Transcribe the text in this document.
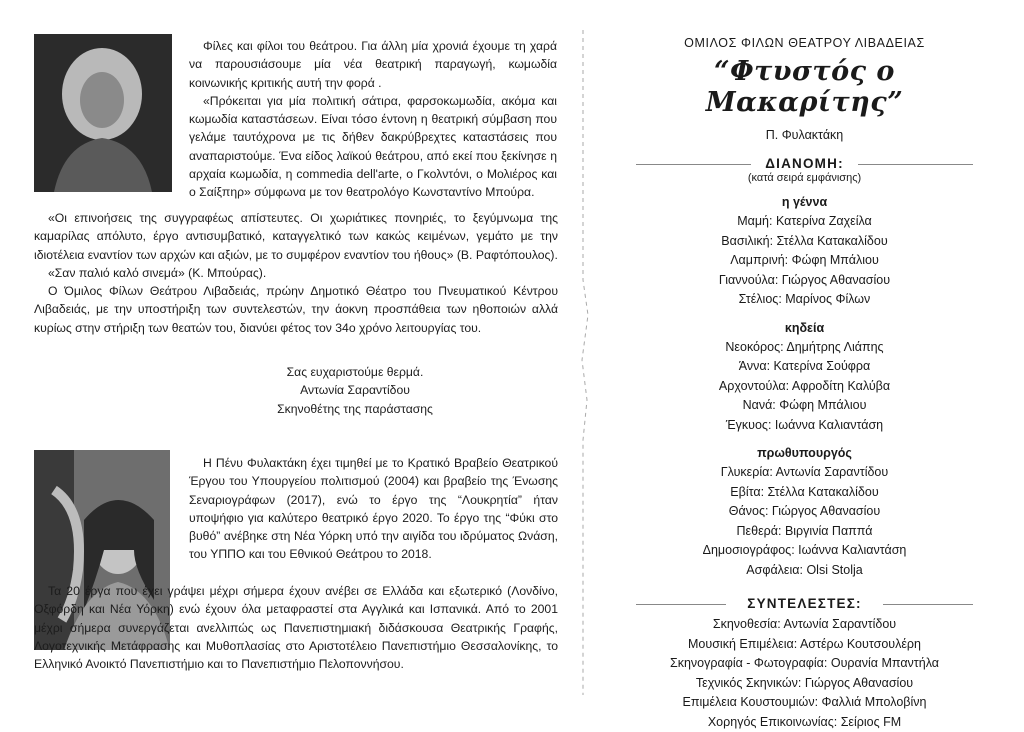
Φίλες και φίλοι του θεάτρου. Για άλλη μία χρονιά έχουμε τη χαρά να παρουσιάσουμε μία νέα θεατρική παραγωγή, κωμωδία κοινωνικής κριτικής αυτή την φορά .

«Πρόκειται για μία πολιτική σάτιρα, φαρσοκωμωδία, ακόμα και κωμωδία καταστάσεων. Είναι τόσο έντονη η θεατρική σύμβαση που γελάμε ταυτόχρονα με τις δήθεν δακρύβρεχτες καταστάσεις που αναπαριστούμε. Ένα είδος λαϊκού θεάτρου, από εκεί που ξεκίνησε η αρχαία κωμωδία, η commedia dell'arte, ο Γκολντόνι, ο Μολιέρος και ο Σαίξπηρ» σύμφωνα με τον θεατρολόγο Κωνσταντίνο Μπούρα.

«Οι επινοήσεις της συγγραφέως απίστευτες. Οι χωριάτικες πονηριές, το ξεγύμνωμα της καμαρίλας απόλυτο, έργο αντισυμβατικό, καταγγελτικό των κακώς κειμένων, γεμάτο με την ιδιοτέλεια εναντίον των αρχών και αξιών, με το συμφέρον εναντίον του ήθους» (Β. Ραφτόπουλος).

«Σαν παλιό καλό σινεμά» (Κ. Μπούρας).

Ο Όμιλος Φίλων Θεάτρου Λιβαδειάς, πρώην Δημοτικό Θέατρο του Πνευματικού Κέντρου Λιβαδειάς, με την υποστήριξη των συντελεστών, την άοκνη προσπάθεια των ηθοποιών αλλά κυρίως στην στήριξη των θεατών του, διανύει φέτος τον 34ο χρόνο λειτουργίας του.

Σας ευχαριστούμε θερμά.

Αντωνία Σαραντίδου

Σκηνοθέτης της παράστασης

Η Πένυ Φυλακτάκη έχει τιμηθεί με το Κρατικό Βραβείο Θεατρικού Έργου του Υπουργείου πολιτισμού (2004) και βραβείο της Ένωσης Σεναριογράφων (2017), ενώ το έργο της “Λουκρητία” ήταν υποψήφιο για καλύτερο θεατρικό έργο 2020. Το έργο της “Φύκι στο βυθό” ανέβηκε στη Νέα Υόρκη υπό την αιγίδα του ιδρύματος Ωνάση, του ΥΠΠΟ και του Εθνικού Θεάτρου το 2018.

Τα 20 έργα που έχει γράψει μέχρι σήμερα έχουν ανέβει σε Ελλάδα και εξωτερικό (Λονδίνο, Οξφόρδη και Νέα Υόρκη) ενώ έχουν όλα μεταφραστεί στα Αγγλικά και Ισπανικά. Από το 2001 μέχρι σήμερα συνεργάζεται ανελλιπώς ως Πανεπιστημιακή διδάσκουσα Θεατρικής Γραφής, Λογοτεχνικής Μετάφρασης και Μυθοπλασίας στο Αριστοτέλειο Πανεπιστήμιο Θεσσαλονίκης, το Ελληνικό Ανοικτό Πανεπιστήμιο και το Πανεπιστήμιο Πελοποννήσου.

ΟΜΙΛΟΣ ΦΙΛΩΝ ΘΕΑΤΡΟΥ ΛΙΒΑΔΕΙΑΣ
“Φτυστός ο Μακαρίτης”
Π. Φυλακτάκη
ΔΙΑΝΟΜΗ:
(κατά σειρά εμφάνισης)
η γέννα
Μαμή: Κατερίνα Ζαχείλα
Βασιλική: Στέλλα Κατακαλίδου
Λαμπρινή: Φώφη Μπάλιου
Γιαννούλα: Γιώργος Αθανασίου
Στέλιος: Μαρίνος Φίλων
κηδεία
Νεοκόρος: Δημήτρης Λιάπης
Άννα: Κατερίνα Σούφρα
Αρχοντούλα: Αφροδίτη Καλύβα
Νανά: Φώφη Μπάλιου
Έγκυος: Ιωάννα Καλιαντάση
πρωθυπουργός
Γλυκερία: Αντωνία Σαραντίδου
Εβίτα: Στέλλα Κατακαλίδου
Θάνος: Γιώργος Αθανασίου
Πεθερά: Βιργινία Παππά
Δημοσιογράφος: Ιωάννα Καλιαντάση
Ασφάλεια: Olsi Stolja
ΣΥΝΤΕΛΕΣΤΕΣ:
Σκηνοθεσία: Αντωνία Σαραντίδου
Μουσική Επιμέλεια: Αστέρω Κουτσουλέρη
Σκηνογραφία - Φωτογραφία: Ουρανία Μπαντήλα
Τεχνικός Σκηνικών: Γιώργος Αθανασίου
Επιμέλεια Κουστουμιών: Φαλλιά Μπολοβίνη
Χορηγός Επικοινωνίας: Σείριος FM
